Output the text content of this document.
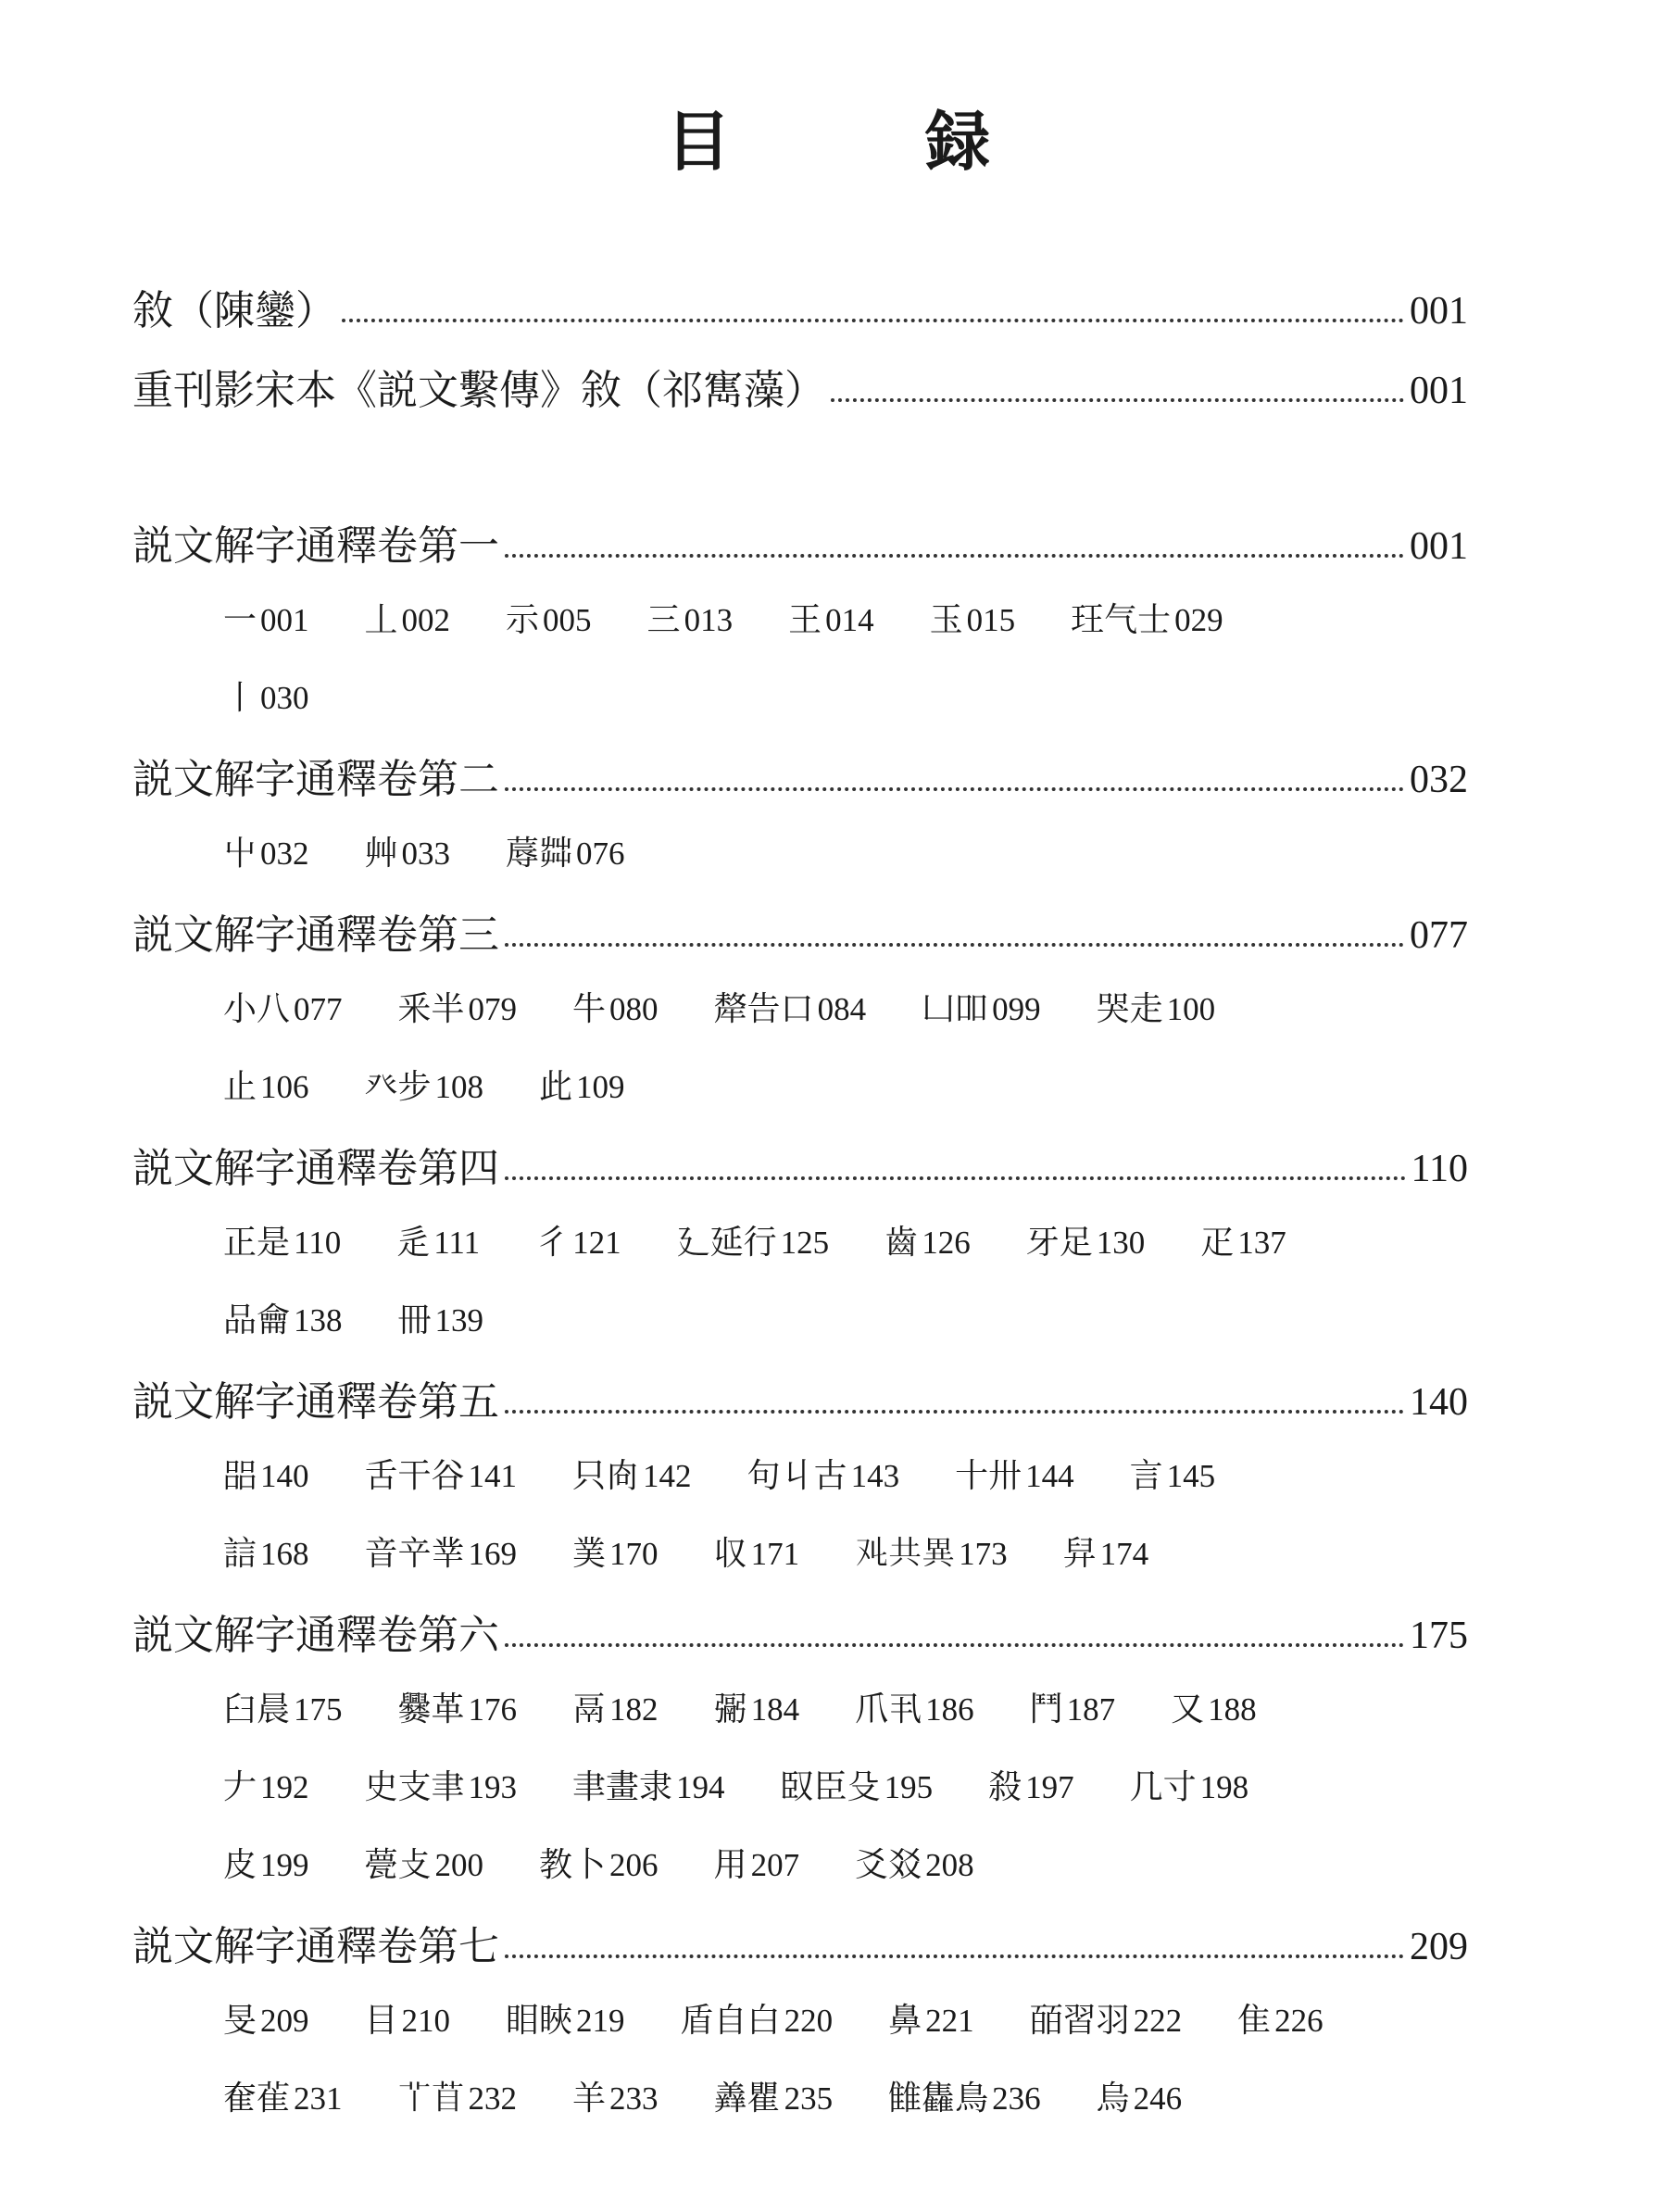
目　録
敘（陳鑾）	001
重刊影宋本《説文繫傳》敘（祁寯藻）	001
説文解字通釋卷第一	001
一 001 丄 002 示 005 三 013 王 014 玉 015 玨气士 029
丨 030
説文解字通釋卷第二	032
屮 032 艸 033 蓐茻 076
説文解字通釋卷第三	077
小八 077 釆半 079 牛 080 犛告口 084 凵吅 099 哭走 100
止 106 癶步 108 此 109
説文解字通釋卷第四	110
正是 110 辵 111 彳 121 廴延行 125 齒 126 牙足 130 疋 137
品龠 138 冊 139
説文解字通釋卷第五	140
㗊 140 舌干谷 141 只㕯 142 句丩古 143 十卅 144 言 145
誩 168 音䇂丵 169 菐 170 収 171 𠬜共異 173 舁 174
説文解字通釋卷第六	175
臼晨 175 爨革 176 鬲 182 䰜 184 爪丮 186 鬥 187 又 188
𠂇 192 史支聿 193 聿畫隶 194 臤臣殳 195 殺 197 几寸 198
皮 199 甍攴 200 教卜 206 用 207 爻㸚 208
説文解字通釋卷第七	209
旻 209 目 210 䀠䀹 219 盾自白 220 鼻 221 皕習羽 222 隹 226
奞雈 231 𦫳苜 232 羊 233 羴瞿 235 雔雥鳥 236 烏 246
